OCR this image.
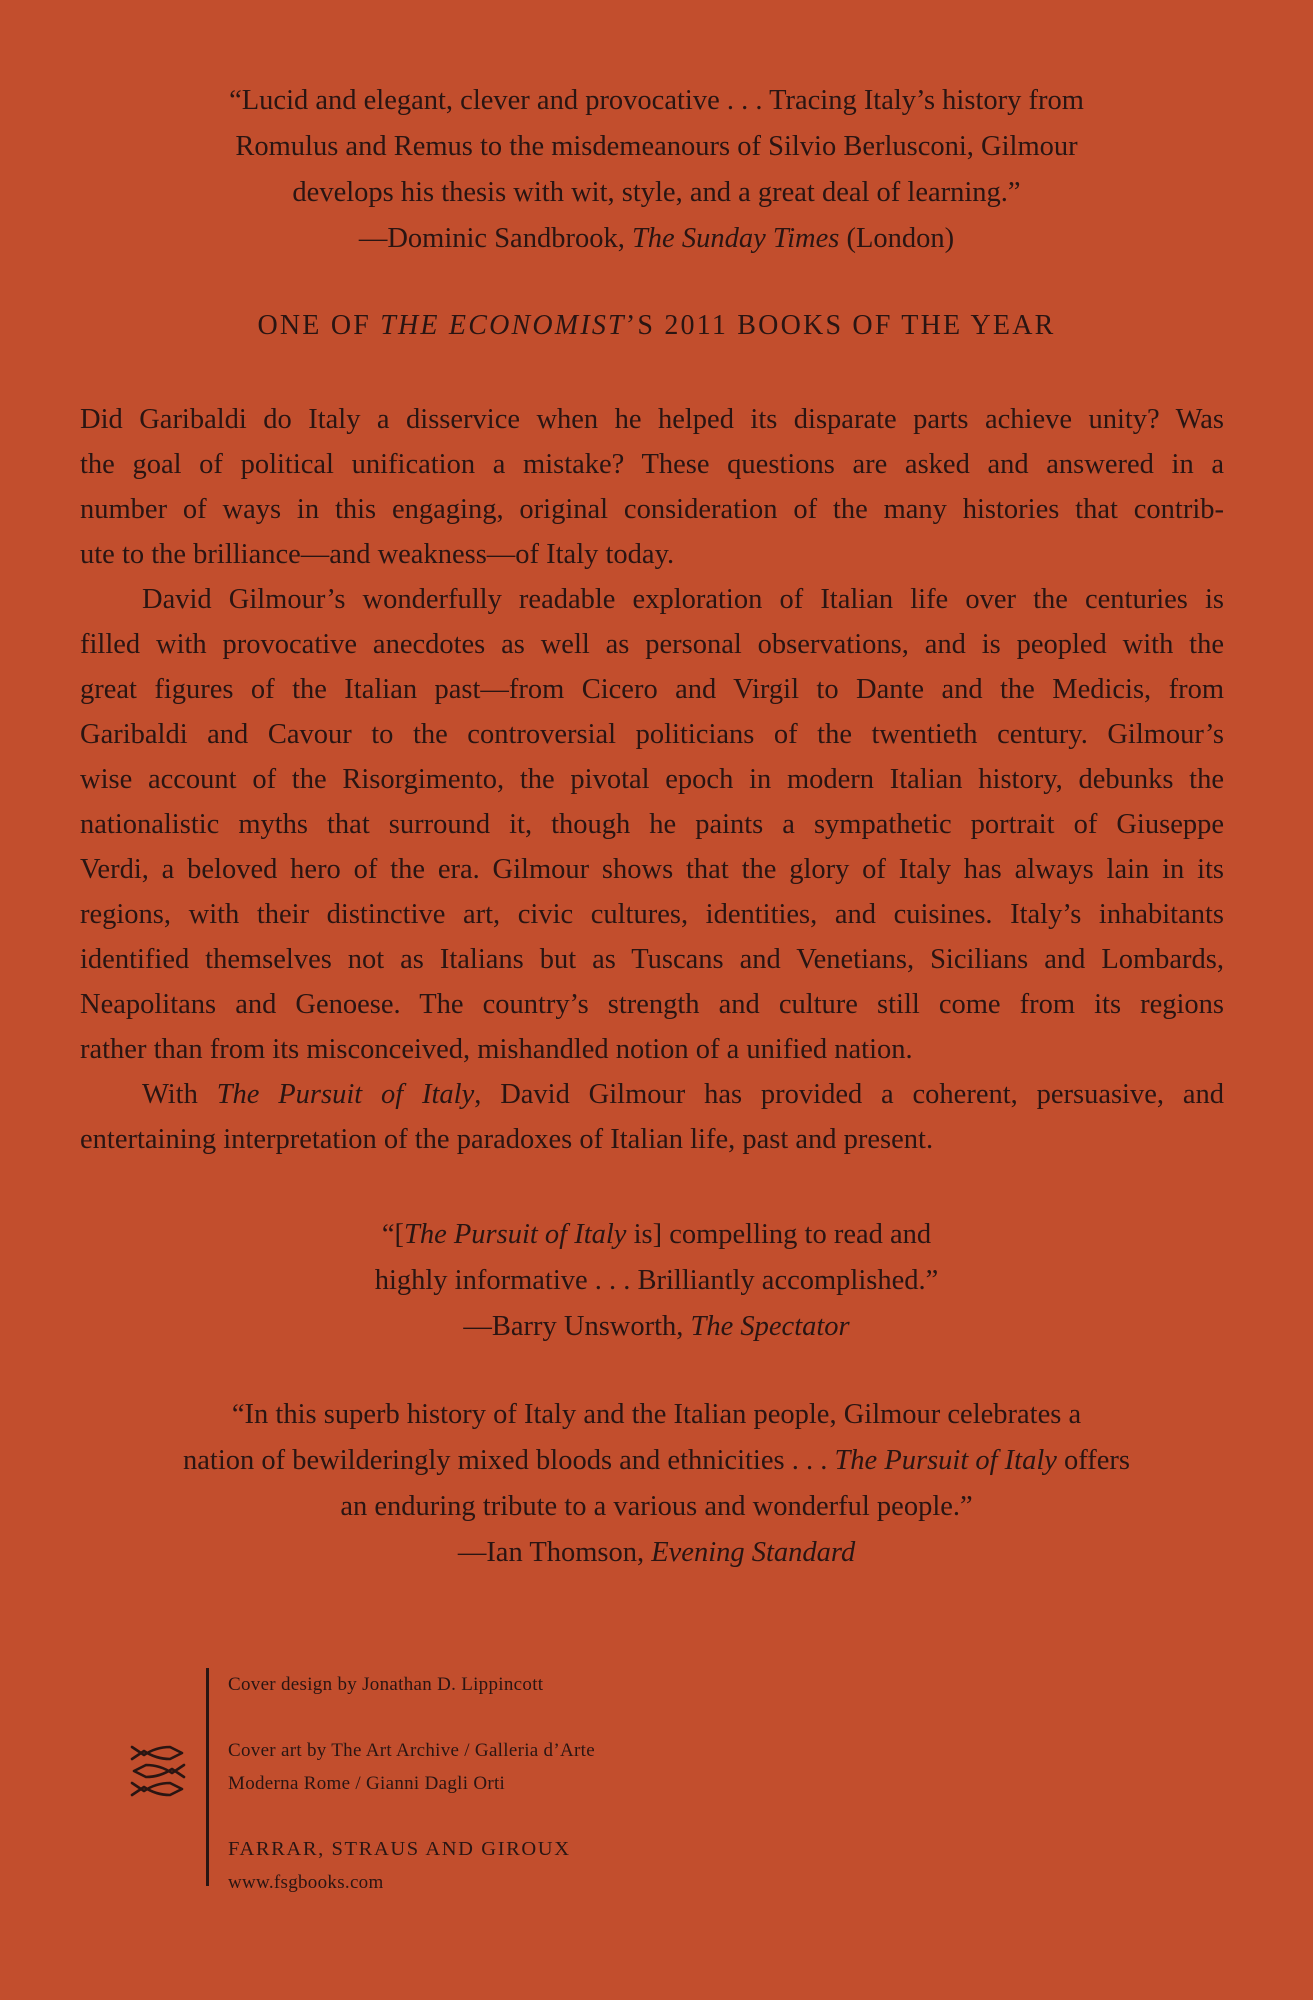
“Lucid and elegant, clever and provocative . . . Tracing Italy’s history from
Romulus and Remus to the misdemeanours of Silvio Berlusconi, Gilmour
develops his thesis with wit, style, and a great deal of learning.”
—Dominic Sandbrook, The Sunday Times (London)
ONE OF THE ECONOMIST’S 2011 BOOKS OF THE YEAR
Did Garibaldi do Italy a disservice when he helped its disparate parts achieve unity? Was
the goal of political unification a mistake? These questions are asked and answered in a
number of ways in this engaging, original consideration of the many histories that contrib-
ute to the brilliance—and weakness—of Italy today.
David Gilmour’s wonderfully readable exploration of Italian life over the centuries is
filled with provocative anecdotes as well as personal observations, and is peopled with the
great figures of the Italian past—from Cicero and Virgil to Dante and the Medicis, from
Garibaldi and Cavour to the controversial politicians of the twentieth century. Gilmour’s
wise account of the Risorgimento, the pivotal epoch in modern Italian history, debunks the
nationalistic myths that surround it, though he paints a sympathetic portrait of Giuseppe
Verdi, a beloved hero of the era. Gilmour shows that the glory of Italy has always lain in its
regions, with their distinctive art, civic cultures, identities, and cuisines. Italy’s inhabitants
identified themselves not as Italians but as Tuscans and Venetians, Sicilians and Lombards,
Neapolitans and Genoese. The country’s strength and culture still come from its regions
rather than from its misconceived, mishandled notion of a unified nation.
With The Pursuit of Italy, David Gilmour has provided a coherent, persuasive, and
entertaining interpretation of the paradoxes of Italian life, past and present.
“[The Pursuit of Italy is] compelling to read and
highly informative . . . Brilliantly accomplished.”
—Barry Unsworth, The Spectator
“In this superb history of Italy and the Italian people, Gilmour celebrates a
nation of bewilderingly mixed bloods and ethnicities . . . The Pursuit of Italy offers
an enduring tribute to a various and wonderful people.”
—Ian Thomson, Evening Standard
Cover design by Jonathan D. Lippincott
Cover art by The Art Archive / Galleria d’Arte
Moderna Rome / Gianni Dagli Orti
FARRAR, STRAUS AND GIROUX
www.fsgbooks.com
